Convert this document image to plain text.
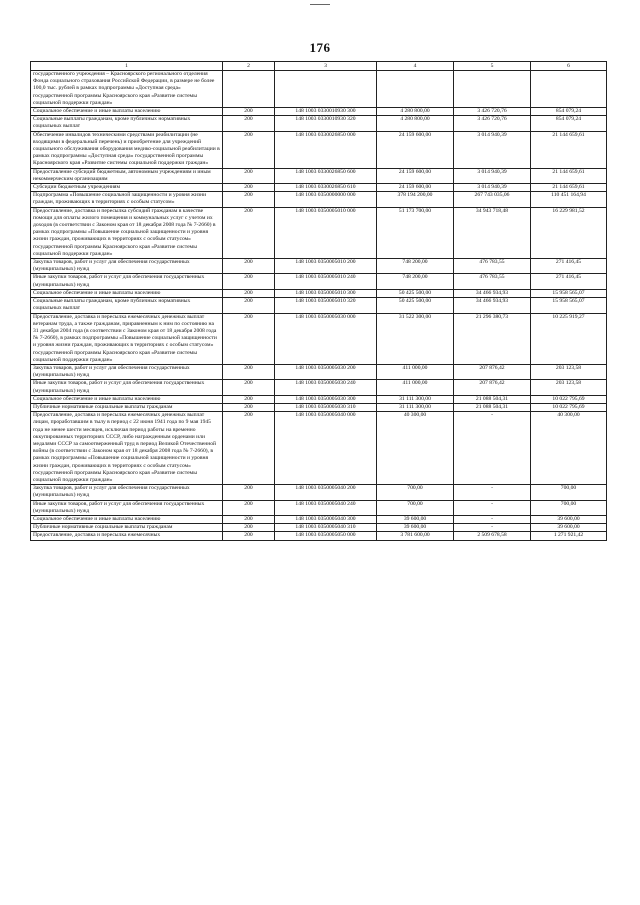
176
1	2	3	4	5	6
государственного учреждения – Красноярского регионального отделения Фонда социального страхования Российской Федерации, в размере не более 100,0 тыс. рублей в рамках подпрограммы «Доступная среда» государственной программы Красноярского края «Развитие системы социальной поддержки граждан»					
Социальное обеспечение и иные выплаты населению	200	148 1003 0330010930 300	4 280 800,00	3 426 720,76	854 079,24
Социальные выплаты гражданам, кроме публичных нормативных социальных выплат	200	148 1003 0330010930 320	4 280 800,00	3 426 720,76	854 079,24
Обеспечение инвалидов техническими средствами реабилитации (не входящими в федеральный перечень) и приобретение для учреждений социального обслуживания оборудования медико-социальной реабилитации в рамках подпрограммы «Доступная среда» государственной программы Красноярского края «Развитие системы социальной поддержки граждан»	200	148 1003 0330026850 000	24 159 600,00	3 014 940,39	21 144 659,61
Предоставление субсидий бюджетным, автономным учреждениям и иным некоммерческим организациям	200	148 1003 0330026850 600	24 159 600,00	3 014 940,39	21 144 659,61
Субсидии бюджетным учреждениям	200	148 1003 0330026850 610	24 159 600,00	3 014 940,39	21 144 659,61
Подпрограмма «Повышение социальной защищенности и уровня жизни граждан, проживающих в территориях с особым статусом»	200	148 1003 0350000000 000	378 194 200,00	267 743 035,06	110 451 164,94
Предоставление, доставка и пересылка субсидий гражданам в качестве помощи для оплаты жилого помещения и коммунальных услуг с учетом их доходов (в соответствии с Законом края от 18 декабря 2008 года № 7-2660) в рамках подпрограммы «Повышение социальной защищенности и уровня жизни граждан, проживающих в территориях с особым статусом» государственной программы Красноярского края «Развитие системы социальной поддержки граждан»	200	148 1003 0350005010 000	51 173 700,00	34 943 718,48	16 229 981,52
Закупка товаров, работ и услуг для обеспечения государственных (муниципальных) нужд	200	148 1003 0350005010 200	748 200,00	476 783,55	271 416,45
Иные закупки товаров, работ и услуг для обеспечения государственных (муниципальных) нужд	200	148 1003 0350005010 240	748 200,00	476 783,55	271 416,45
Социальное обеспечение и иные выплаты населению	200	148 1003 0350005010 300	50 425 500,00	34 466 934,93	15 958 565,07
Социальные выплаты гражданам, кроме публичных нормативных социальных выплат	200	148 1003 0350005010 320	50 425 500,00	34 466 934,93	15 958 565,07
Предоставление, доставка и пересылка ежемесячных денежных выплат ветеранам труда, а также гражданам, приравненным к ним по состоянию на 31 декабря 2004 года (в соответствии с Законом края от 18 декабря 2008 года № 7-2660), в рамках подпрограммы «Повышение социальной защищенности и уровня жизни граждан, проживающих в территориях с особым статусом» государственной программы Красноярского края «Развитие системы социальной поддержки граждан»	200	148 1003 0350005030 000	31 522 300,00	21 296 380,73	10 225 919,27
Закупка товаров, работ и услуг для обеспечения государственных (муниципальных) нужд	200	148 1003 0350005030 200	411 000,00	207 876,42	203 123,58
Иные закупки товаров, работ и услуг для обеспечения государственных (муниципальных) нужд	200	148 1003 0350005030 240	411 000,00	207 876,42	203 123,58
Социальное обеспечение и иные выплаты населению	200	148 1003 0350005030 300	31 111 300,00	21 088 504,31	10 022 795,69
Публичные нормативные социальные выплаты гражданам	200	148 1003 0350005030 310	31 111 300,00	21 088 504,31	10 022 795,69
Предоставление, доставка и пересылка ежемесячных денежных выплат лицам, проработавшим в тылу в период с 22 июня 1941 года по 9 мая 1945 года не менее шести месяцев, исключая период работы на временно оккупированных территориях СССР, либо награжденным орденами или медалями СССР за самоотверженный труд в период Великой Отечественной войны (в соответствии с Законом края от 18 декабря 2008 года № 7-2660), в рамках подпрограммы «Повышение социальной защищенности и уровня жизни граждан, проживающих в территориях с особым статусом» государственной программы Красноярского края «Развитие системы социальной поддержки граждан»	200	148 1003 0350005040 000	40 300,00	-	40 300,00
Закупка товаров, работ и услуг для обеспечения государственных (муниципальных) нужд	200	148 1003 0350005040 200	700,00	-	700,00
Иные закупки товаров, работ и услуг для обеспечения государственных (муниципальных) нужд	200	148 1003 0350005040 240	700,00	-	700,00
Социальное обеспечение и иные выплаты населению	200	148 1003 0350005040 300	39 600,00	-	39 600,00
Публичные нормативные социальные выплаты гражданам	200	148 1003 0350005040 310	39 600,00	-	39 600,00
Предоставление, доставка и пересылка ежемесячных	200	148 1003 0350005050 000	3 781 600,00	2 509 678,58	1 271 921,42
